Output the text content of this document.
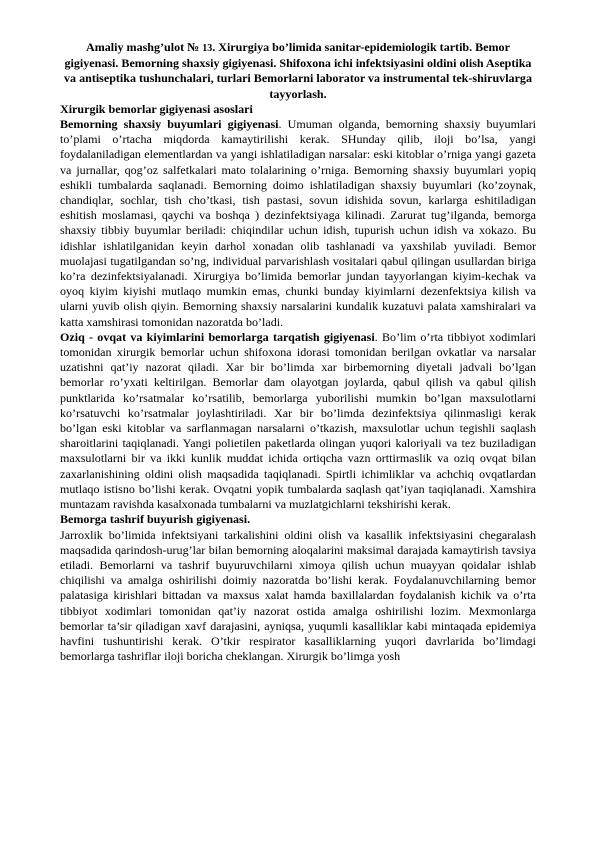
Amaliy mashg’ulot № 13. Xirurgiya bo’limida sanitar-epidemiologik tartib. Bemor gigiyenasi. Bemorning shaxsiy gigiyenasi. Shifoxona ichi infektsiyasini oldini olish Aseptika va antiseptika tushunchalari, turlari Bemorlarni laborator va instrumental tek-shiruvlarga tayyorlash.

Xirurgik bemorlar gigiyenasi asoslari

Bemorning shaxsiy buyumlari gigiyenasi. Umuman olganda, bemorning shaxsiy buyumlari to’plami o’rtacha miqdorda kamaytirilishi kerak. SHunday qilib, iloji bo’lsa, yangi foydalaniladigan elementlardan va yangi ishlatiladigan narsalar: eski kitoblar o’rniga yangi gazeta va jurnallar, qog’oz salfetkalari mato tolalarining o’rniga. Bemorning shaxsiy buyumlari yopiq eshikli tumbalarda saqlanadi. Bemorning doimo ishlatiladigan shaxsiy buyumlari (ko’zoynak, chandiqlar, sochlar, tish cho’tkasi, tish pastasi, sovun idishida sovun, karlarga eshitiladigan eshitish moslamasi, qaychi va boshqa ) dezinfektsiyaga kilinadi. Zarurat tug’ilganda, bemorga shaxsiy tibbiy buyumlar beriladi: chiqindilar uchun idish, tupurish uchun idish va xokazo. Bu idishlar ishlatilganidan keyin darhol xonadan olib tashlanadi va yaxshilab yuviladi. Bemor muolajasi tugatilgandan so’ng, individual parvarishlash vositalari qabul qilingan usullardan biriga ko’ra dezinfektsiyalanadi. Xirurgiya bo’limida bemorlar jundan tayyorlangan kiyim-kechak va oyoq kiyim kiyishi mutlaqo mumkin emas, chunki bunday kiyimlarni dezenfektsiya kilish va ularni yuvib olish qiyin. Bemorning shaxsiy narsalarini kundalik kuzatuvi palata xamshiralari va katta xamshirasi tomonidan nazoratda bo’ladi.

Oziq - ovqat va kiyimlarini bemorlarga tarqatish gigiyenasi. Bo’lim o’rta tibbiyot xodimlari tomonidan xirurgik bemorlar uchun shifoxona idorasi tomonidan berilgan ovkatlar va narsalar uzatishni qat’iy nazorat qiladi. Xar bir bo’limda xar birbemorning diyetali jadvali bo’lgan bemorlar ro’yxati keltirilgan. Bemorlar dam olayotgan joylarda, qabul qilish va qabul qilish punktlarida ko’rsatmalar ko’rsatilib, bemorlarga yuborilishi mumkin bo’lgan maxsulotlarni ko’rsatuvchi ko’rsatmalar joylashtiriladi. Xar bir bo’limda dezinfektsiya qilinmasligi kerak bo’lgan eski kitoblar va sarflanmagan narsalarni o’tkazish, maxsulotlar uchun tegishli saqlash sharoitlarini taqiqlanadi. Yangi polietilen paketlarda olingan yuqori kaloriyali va tez buziladigan maxsulotlarni bir va ikki kunlik muddat ichida ortiqcha vazn orttirmaslik va oziq ovqat bilan zaxarlanishining oldini olish maqsadida taqiqlanadi. Spirtli ichimliklar va achchiq ovqatlardan mutlaqo istisno bo’lishi kerak. Ovqatni yopik tumbalarda saqlash qat’iyan taqiqlanadi. Xamshira muntazam ravishda kasalxonada tumbalarni va muzlatgichlarni tekshirishi kerak.

Bemorga tashrif buyurish gigiyenasi.

Jarroxlik bo’limida infektsiyani tarkalishini oldini olish va kasallik infektsiyasini chegaralash maqsadida qarindosh-urug’lar bilan bemorning aloqalarini maksimal darajada kamaytirish tavsiya etiladi. Bemorlarni va tashrif buyuruvchilarni ximoya qilish uchun muayyan qoidalar ishlab chiqilishi va amalga oshirilishi doimiy nazoratda bo’lishi kerak. Foydalanuvchilarning bemor palatasiga kirishlari bittadan va maxsus xalat hamda baxillalardan foydalanish kichik va o’rta tibbiyot xodimlari tomonidan qat’iy nazorat ostida amalga oshirilishi lozim. Mexmonlarga bemorlar ta’sir qiladigan xavf darajasini, ayniqsa, yuqumli kasalliklar kabi mintaqada epidemiya havfini tushuntirishi kerak. O’tkir respirator kasalliklarning yuqori davrlarida bo’limdagi bemorlarga tashriflar iloji boricha cheklangan. Xirurgik bo’limga yosh
